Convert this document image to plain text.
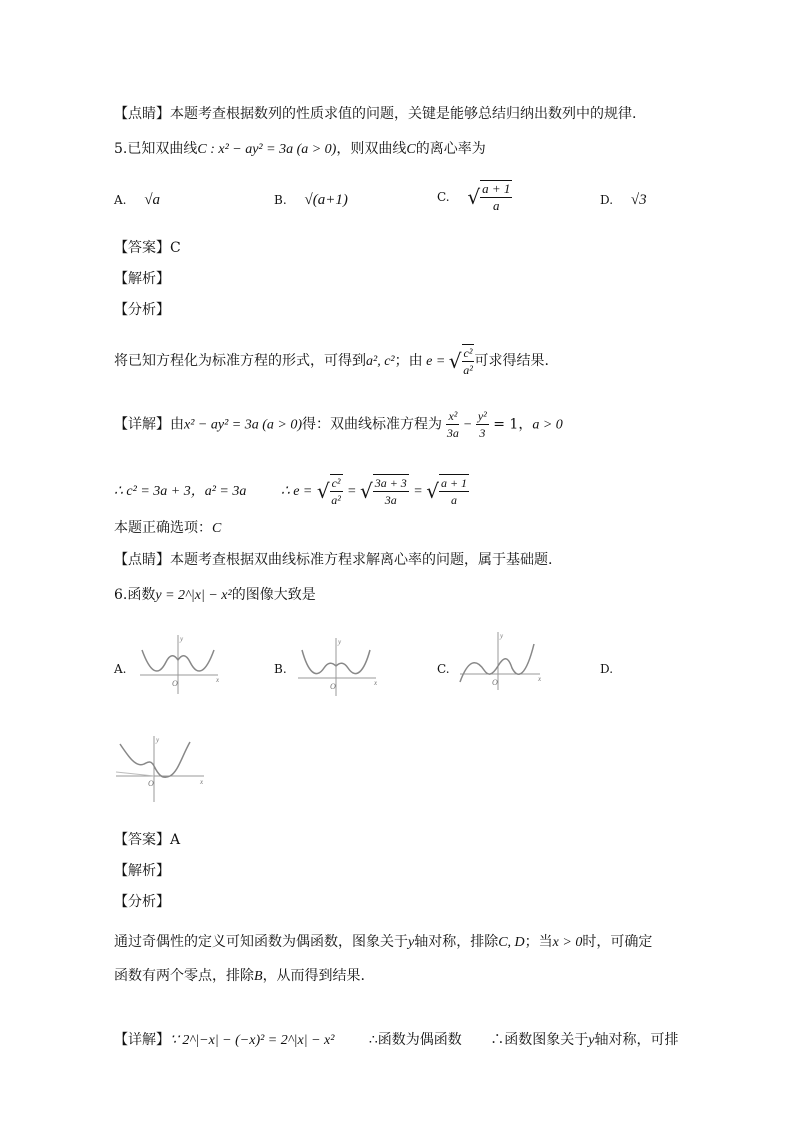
【点睛】本题考查根据数列的性质求值的问题，关键是能够总结归纳出数列中的规律.
5.已知双曲线C : x² − ay² = 3a (a > 0)，则双曲线C的离心率为
A. √a	B. √(a+1)	C. √ $\frac{a + 1}{a}$	D. √3
【答案】C
【解析】
【分析】
将已知方程化为标准方程的形式，可得到a², c²；由 e = √ $\frac{\text{c²}}{\text{a²}}$ 可求得结果.
【详解】由x² − ay² = 3a (a > 0)得：双曲线标准方程为 $\frac{\text{x²}}{3a} - \frac{\text{y²}}{3} = 1$，a > 0
∴ c² = 3a + 3，a² = 3a ∴ e = √ $\frac{\text{c²}}{\text{a²}}$ = √ $\frac{3a + 3}{3a}$ = √ $\frac{a + 1}{a}$
本题正确选项：C
【点睛】本题考查根据双曲线标准方程求解离心率的问题，属于基础题.
6.函数y = 2^|x| − x²的图像大致是
A.	B.	C.	D.
y
x
O
y
x
O
y
x
O
y
x
O
【答案】A
【解析】
【分析】
通过奇偶性的定义可知函数为偶函数，图象关于y轴对称，排除C, D；当x > 0时，可确定
函数有两个零点，排除B，从而得到结果.
【详解】∵ 2^|−x| − (−x)² = 2^|x| − x² ∴函数为偶函数 ∴函数图象关于y轴对称，可排
